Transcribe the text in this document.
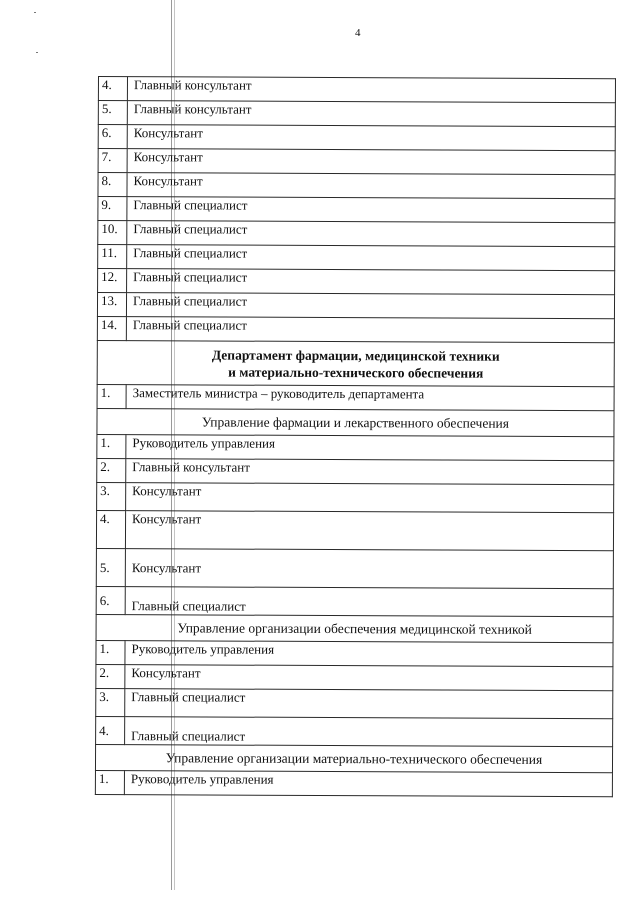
4
4.	Главный консультант
5.	Главный консультант
6.	Консультант
7.	Консультант
8.	Консультант
9.	Главный специалист
10.	Главный специалист
11.	Главный специалист
12.	Главный специалист
13.	Главный специалист
14.	Главный специалист

Департамент фармации, медицинской техники
и материально-технического обеспечения	

1.	Заместитель министра – руководитель департамента
Управление фармации и лекарственного обеспечения	
1.	Руководитель управления
2.	Главный консультант
3.	Консультант
4.	Консультант
5.	Консультант
6.	Главный специалист
Управление организации обеспечения медицинской техникой	
1.	Руководитель управления
2.	Консультант
3.	Главный специалист
4.	Главный специалист
Управление организации материально-технического обеспечения	
1.	Руководитель управления
